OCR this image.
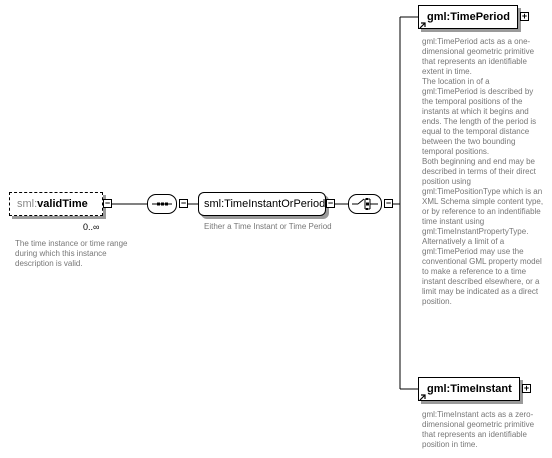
sml: validTime −
0..∞
The time instance or time range during which this instance description is valid.
− sml:TimeInstantOrPeriod −
Either a Time Instant or Time Period
−
gml:TimePeriod +
gml:TimePeriod acts as a one-dimensional geometric primitive that represents an identifiable extent in time.
The location in of a gml:TimePeriod is described by the temporal positions of the instants at which it begins and ends. The length of the period is equal to the temporal distance between the two bounding temporal positions.
Both beginning and end may be described in terms of their direct position using gml:TimePositionType which is an XML Schema simple content type, or by reference to an indentifiable time instant using gml:TimeInstantPropertyType.
Alternatively a limit of a gml:TimePeriod may use the conventional GML property model to make a reference to a time instant described elsewhere, or a limit may be indicated as a direct position.
gml:TimeInstant +
gml:TimeInstant acts as a zero-dimensional geometric primitive that represents an identifiable position in time.
